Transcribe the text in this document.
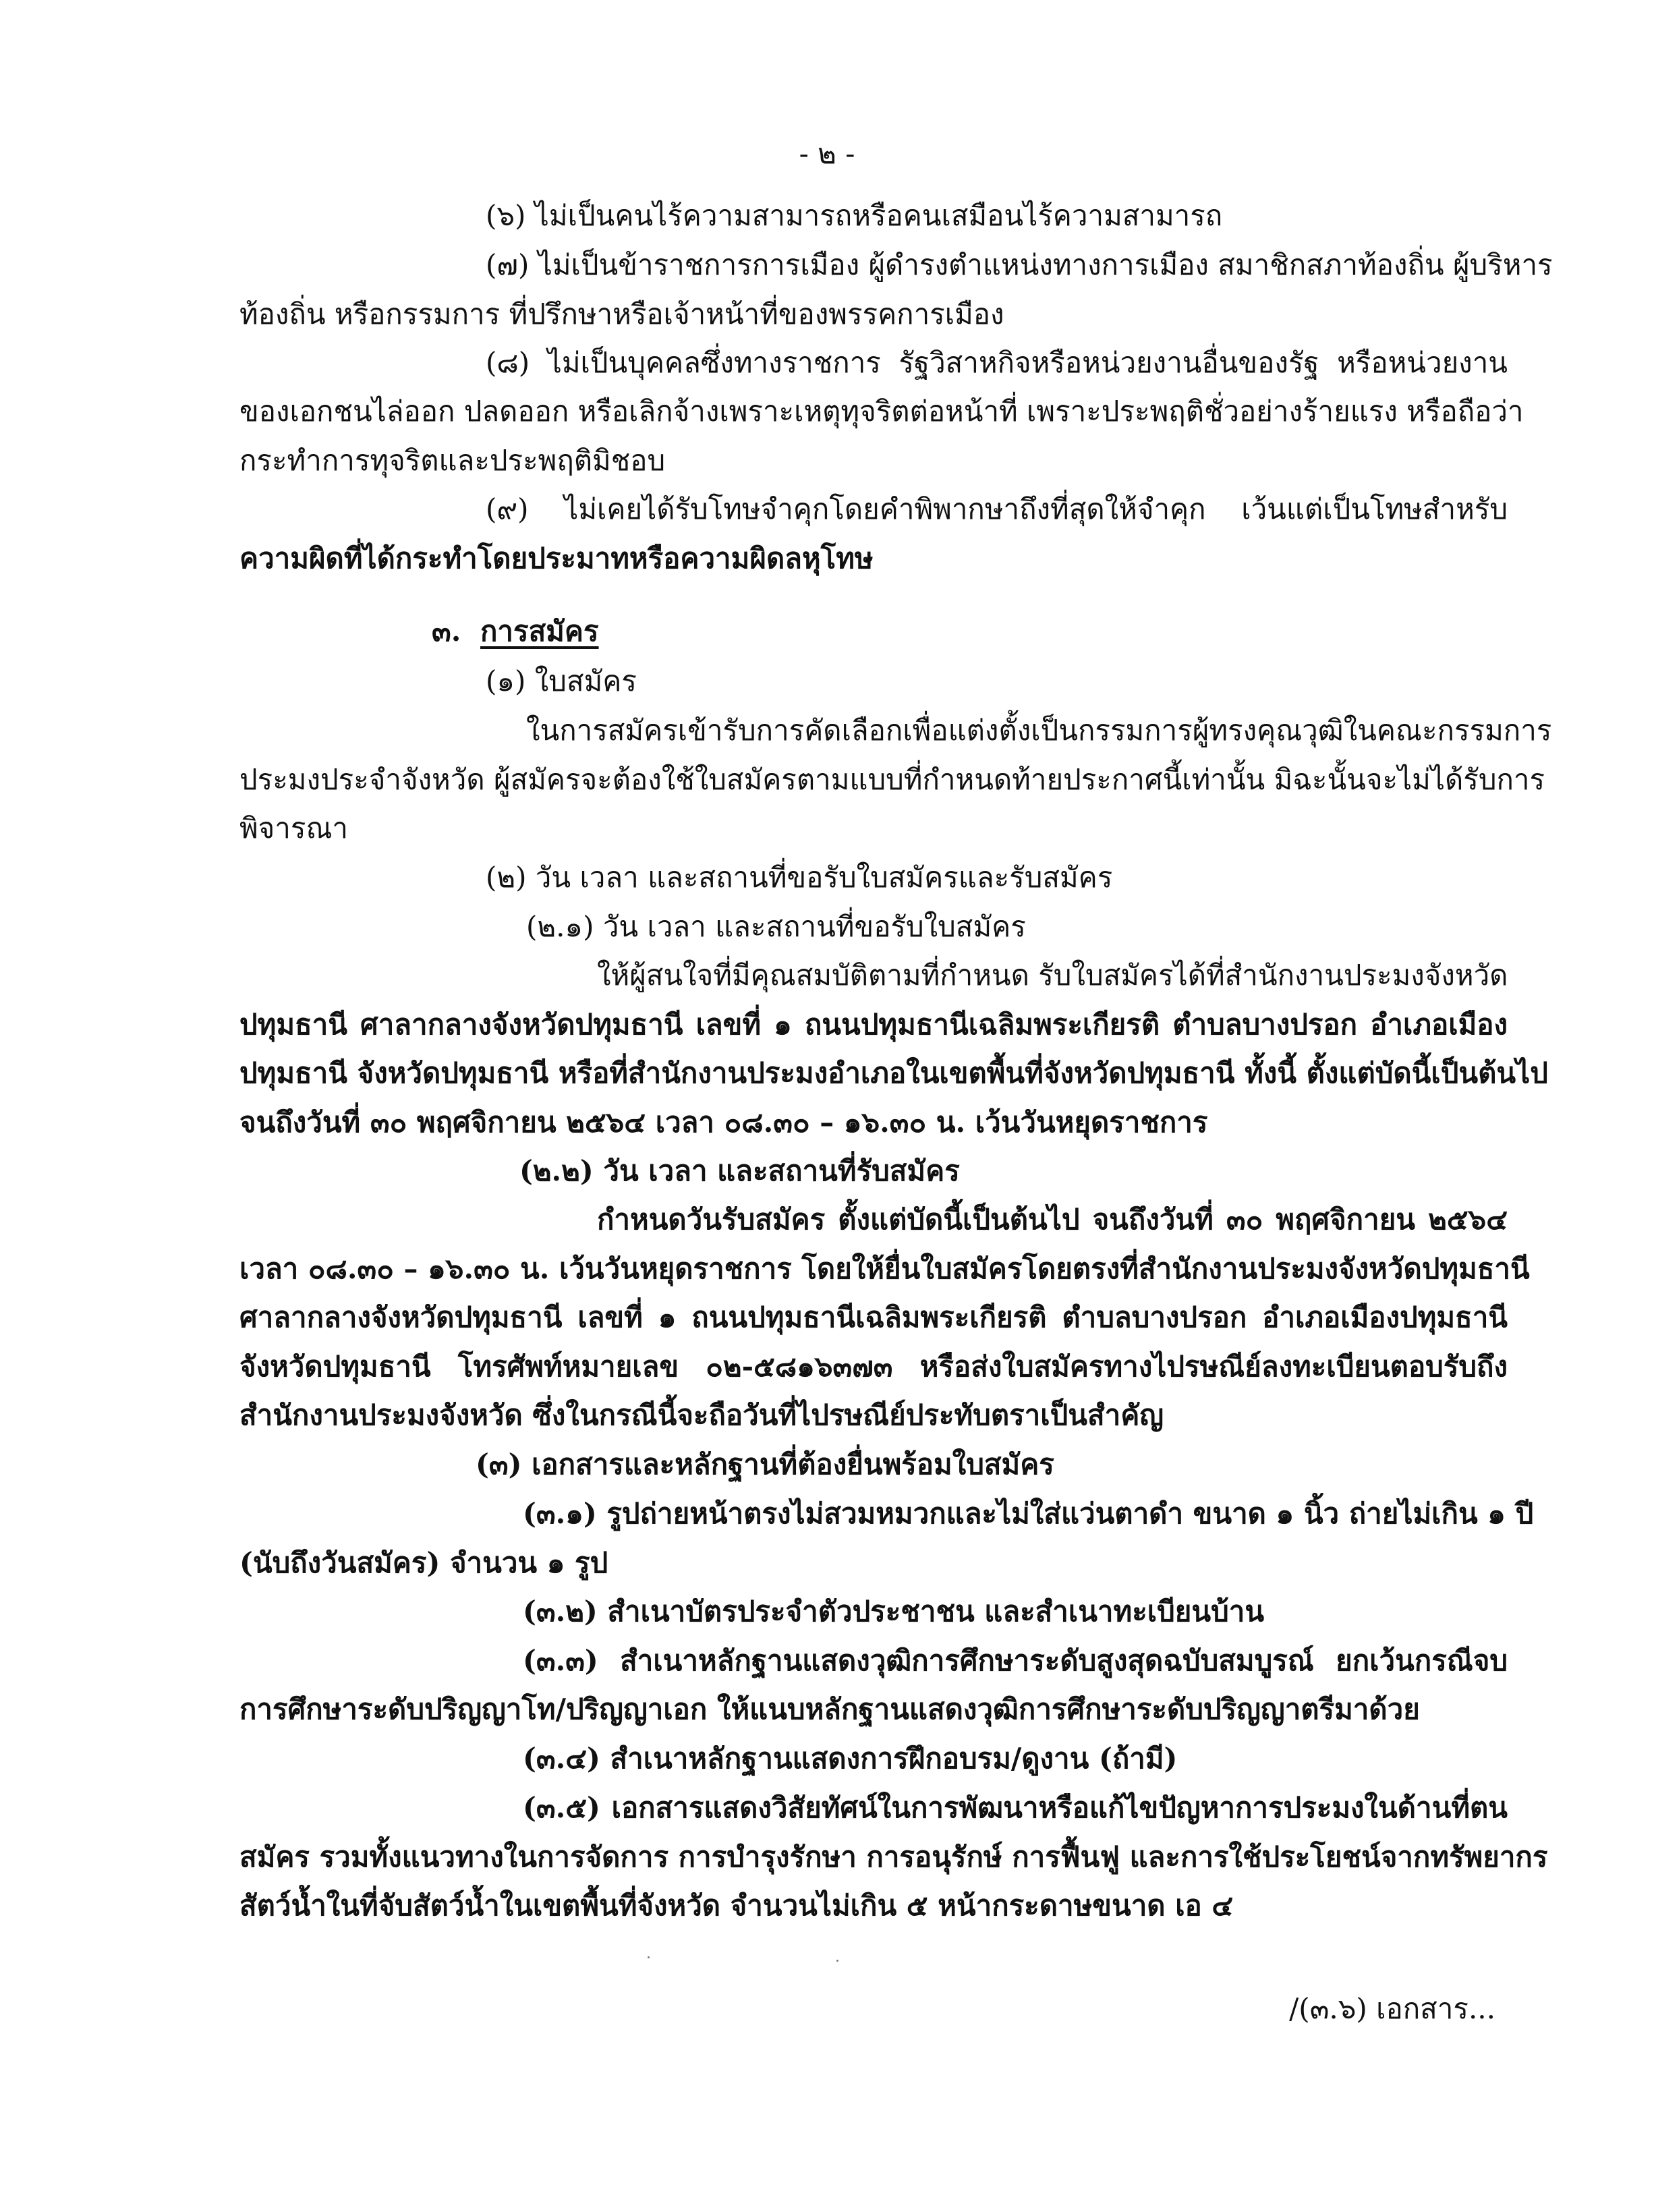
- ๒ -

(๖) ไม่เป็นคนไร้ความสามารถหรือคนเสมือนไร้ความสามารถ

(๗) ไม่เป็นข้าราชการการเมือง ผู้ดำรงตำแหน่งทางการเมือง สมาชิกสภาท้องถิ่น ผู้บริหาร

ท้องถิ่น หรือกรรมการ ที่ปรึกษาหรือเจ้าหน้าที่ของพรรคการเมือง

(๘) ไม่เป็นบุคคลซึ่งทางราชการ รัฐวิสาหกิจหรือหน่วยงานอื่นของรัฐ หรือหน่วยงาน

ของเอกชนไล่ออก ปลดออก หรือเลิกจ้างเพราะเหตุทุจริตต่อหน้าที่ เพราะประพฤติชั่วอย่างร้ายแรง หรือถือว่า

กระทำการทุจริตและประพฤติมิชอบ

(๙) ไม่เคยได้รับโทษจำคุกโดยคำพิพากษาถึงที่สุดให้จำคุก เว้นแต่เป็นโทษสำหรับ

ความผิดที่ได้กระทำโดยประมาทหรือความผิดลหุโทษ

๓. การสมัคร

(๑) ใบสมัคร

ในการสมัครเข้ารับการคัดเลือกเพื่อแต่งตั้งเป็นกรรมการผู้ทรงคุณวุฒิในคณะกรรมการ

ประมงประจำจังหวัด ผู้สมัครจะต้องใช้ใบสมัครตามแบบที่กำหนดท้ายประกาศนี้เท่านั้น มิฉะนั้นจะไม่ได้รับการ

พิจารณา

(๒) วัน เวลา และสถานที่ขอรับใบสมัครและรับสมัคร

(๒.๑) วัน เวลา และสถานที่ขอรับใบสมัคร

ให้ผู้สนใจที่มีคุณสมบัติตามที่กำหนด รับใบสมัครได้ที่สำนักงานประมงจังหวัด

ปทุมธานี ศาลากลางจังหวัดปทุมธานี เลขที่ ๑ ถนนปทุมธานีเฉลิมพระเกียรติ ตำบลบางปรอก อำเภอเมือง

ปทุมธานี จังหวัดปทุมธานี หรือที่สำนักงานประมงอำเภอในเขตพื้นที่จังหวัดปทุมธานี ทั้งนี้ ตั้งแต่บัดนี้เป็นต้นไป

จนถึงวันที่ ๓๐ พฤศจิกายน ๒๕๖๔ เวลา ๐๘.๓๐ – ๑๖.๓๐ น. เว้นวันหยุดราชการ

(๒.๒) วัน เวลา และสถานที่รับสมัคร

กำหนดวันรับสมัคร ตั้งแต่บัดนี้เป็นต้นไป จนถึงวันที่ ๓๐ พฤศจิกายน ๒๕๖๔

เวลา ๐๘.๓๐ – ๑๖.๓๐ น. เว้นวันหยุดราชการ โดยให้ยื่นใบสมัครโดยตรงที่สำนักงานประมงจังหวัดปทุมธานี

ศาลากลางจังหวัดปทุมธานี เลขที่ ๑ ถนนปทุมธานีเฉลิมพระเกียรติ ตำบลบางปรอก อำเภอเมืองปทุมธานี

จังหวัดปทุมธานี โทรศัพท์หมายเลข ๐๒-๕๘๑๖๓๗๓ หรือส่งใบสมัครทางไปรษณีย์ลงทะเบียนตอบรับถึง

สำนักงานประมงจังหวัด ซึ่งในกรณีนี้จะถือวันที่ไปรษณีย์ประทับตราเป็นสำคัญ

(๓) เอกสารและหลักฐานที่ต้องยื่นพร้อมใบสมัคร

(๓.๑) รูปถ่ายหน้าตรงไม่สวมหมวกและไม่ใส่แว่นตาดำ ขนาด ๑ นิ้ว ถ่ายไม่เกิน ๑ ปี

(นับถึงวันสมัคร) จำนวน ๑ รูป

(๓.๒) สำเนาบัตรประจำตัวประชาชน และสำเนาทะเบียนบ้าน

(๓.๓) สำเนาหลักฐานแสดงวุฒิการศึกษาระดับสูงสุดฉบับสมบูรณ์ ยกเว้นกรณีจบ

การศึกษาระดับปริญญาโท/ปริญญาเอก ให้แนบหลักฐานแสดงวุฒิการศึกษาระดับปริญญาตรีมาด้วย

(๓.๔) สำเนาหลักฐานแสดงการฝึกอบรม/ดูงาน (ถ้ามี)

(๓.๕) เอกสารแสดงวิสัยทัศน์ในการพัฒนาหรือแก้ไขปัญหาการประมงในด้านที่ตน

สมัคร รวมทั้งแนวทางในการจัดการ การบำรุงรักษา การอนุรักษ์ การฟื้นฟู และการใช้ประโยชน์จากทรัพยากร

สัตว์น้ำในที่จับสัตว์น้ำในเขตพื้นที่จังหวัด จำนวนไม่เกิน ๕ หน้ากระดาษขนาด เอ ๔

/(๓.๖) เอกสาร...
